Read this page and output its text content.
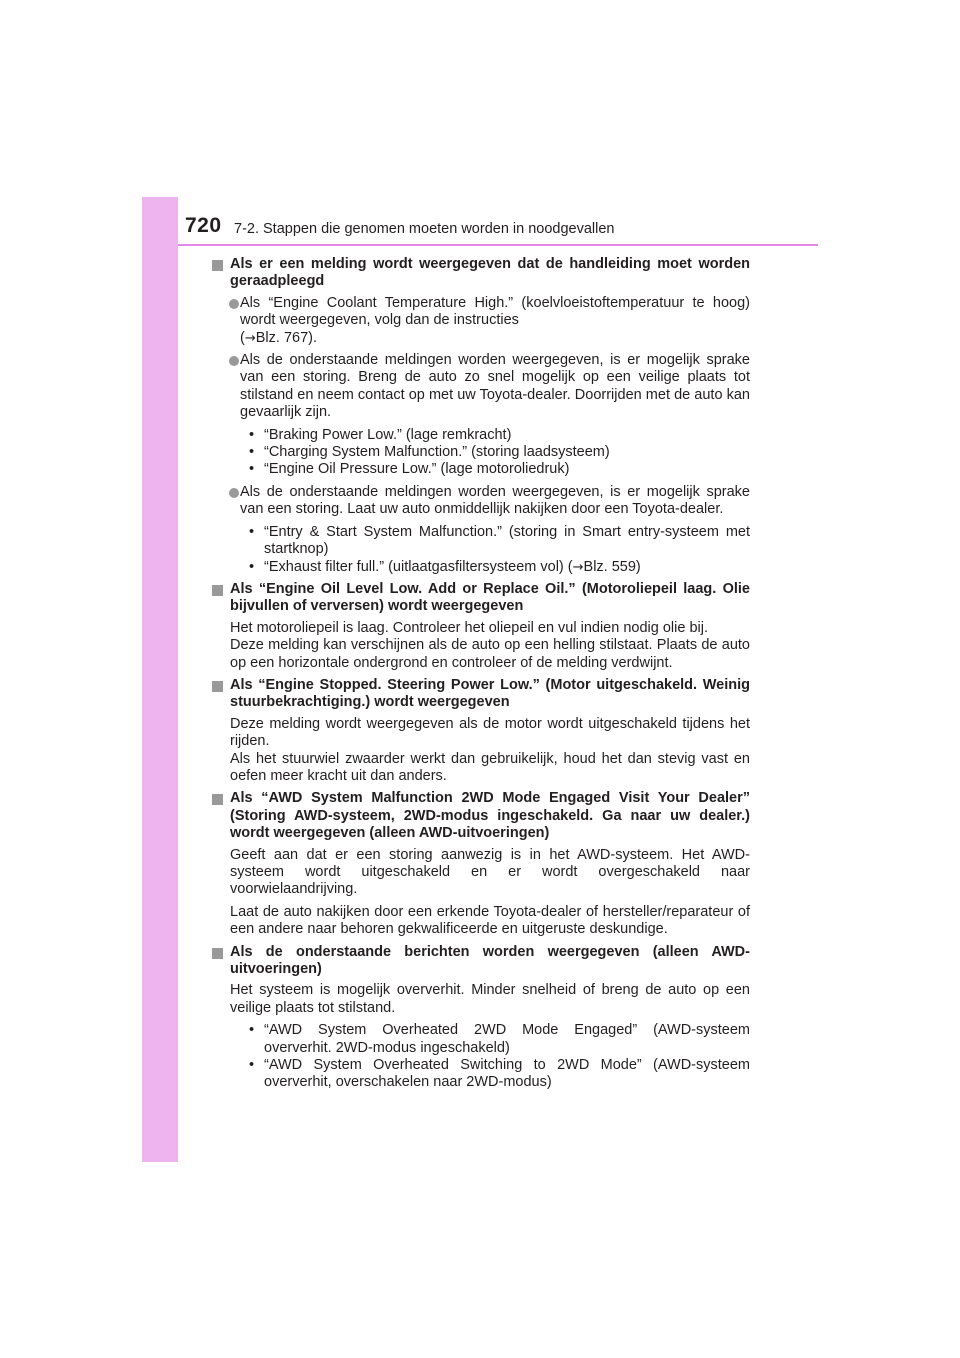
720 7-2. Stappen die genomen moeten worden in noodgevallen
Als er een melding wordt weergegeven dat de handleiding moet worden geraadpleegd
Als “Engine Coolant Temperature High.” (koelvloeistoftemperatuur te hoog) wordt weergegeven, volg dan de instructies
(→Blz. 767).
Als de onderstaande meldingen worden weergegeven, is er mogelijk sprake van een storing. Breng de auto zo snel mogelijk op een veilige plaats tot stilstand en neem contact op met uw Toyota-dealer. Doorrijden met de auto kan gevaarlijk zijn.
• “Braking Power Low.” (lage remkracht)
• “Charging System Malfunction.” (storing laadsysteem)
• “Engine Oil Pressure Low.” (lage motoroliedruk)
Als de onderstaande meldingen worden weergegeven, is er mogelijk sprake van een storing. Laat uw auto onmiddellijk nakijken door een Toyota-dealer.
• “Entry & Start System Malfunction.” (storing in Smart entry-systeem met startknop)
• “Exhaust filter full.” (uitlaatgasfiltersysteem vol) (→Blz. 559)
Als “Engine Oil Level Low. Add or Replace Oil.” (Motoroliepeil laag. Olie bijvullen of verversen) wordt weergegeven
Het motoroliepeil is laag. Controleer het oliepeil en vul indien nodig olie bij.
Deze melding kan verschijnen als de auto op een helling stilstaat. Plaats de auto op een horizontale ondergrond en controleer of de melding verdwijnt.
Als “Engine Stopped. Steering Power Low.” (Motor uitgeschakeld. Weinig stuurbekrachtiging.) wordt weergegeven
Deze melding wordt weergegeven als de motor wordt uitgeschakeld tijdens het rijden.
Als het stuurwiel zwaarder werkt dan gebruikelijk, houd het dan stevig vast en oefen meer kracht uit dan anders.
Als “AWD System Malfunction 2WD Mode Engaged Visit Your Dealer” (Storing AWD-systeem, 2WD-modus ingeschakeld. Ga naar uw dealer.) wordt weergegeven (alleen AWD-uitvoeringen)
Geeft aan dat er een storing aanwezig is in het AWD-systeem. Het AWD-systeem wordt uitgeschakeld en er wordt overgeschakeld naar voorwielaandrijving.
Laat de auto nakijken door een erkende Toyota-dealer of hersteller/reparateur of een andere naar behoren gekwalificeerde en uitgeruste deskundige.
Als de onderstaande berichten worden weergegeven (alleen AWD-uitvoeringen)
Het systeem is mogelijk oververhit. Minder snelheid of breng de auto op een veilige plaats tot stilstand.
• “AWD System Overheated 2WD Mode Engaged” (AWD-systeem oververhit. 2WD-modus ingeschakeld)
• “AWD System Overheated Switching to 2WD Mode” (AWD-systeem oververhit, overschakelen naar 2WD-modus)
